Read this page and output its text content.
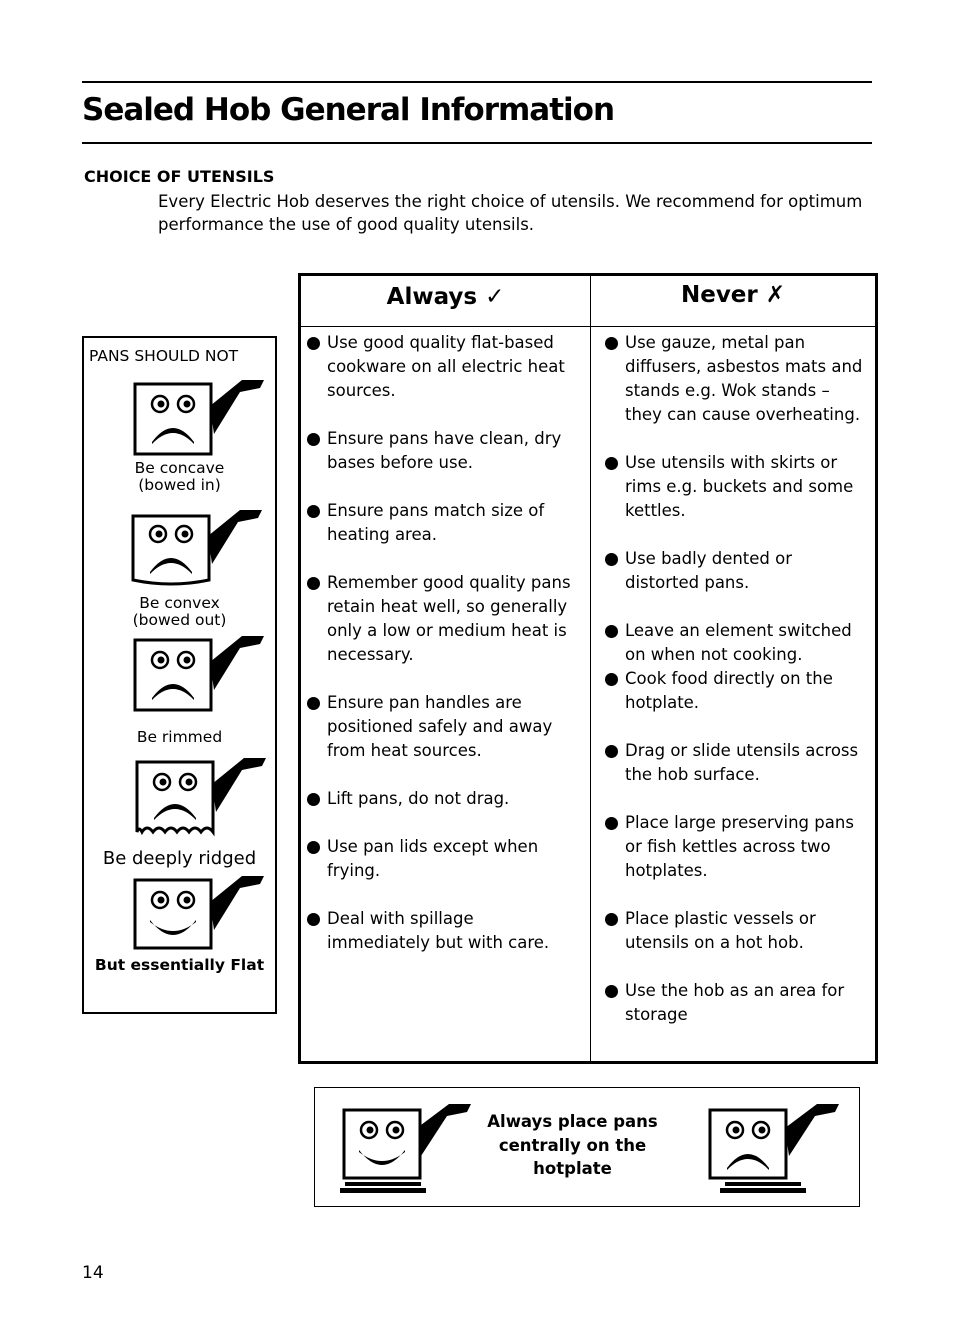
Sealed Hob General Information
CHOICE OF UTENSILS
Every Electric Hob deserves the right choice of utensils. We recommend for optimum performance the use of good quality utensils.
PANS SHOULD NOT
Be concave
(bowed in)
Be convex
(bowed out)
Be rimmed
Be deeply ridged
But essentially Flat
Always ✓	Never ✗
Use good quality flat-based cookware on all electric heat sources.
Ensure pans have clean, dry bases before use.
Ensure pans match size of heating area.
Remember good quality pans retain heat well, so generally only a low or medium heat is necessary.
Ensure pan handles are positioned safely and away from heat sources.
Lift pans, do not drag.
Use pan lids except when frying.
Deal with spillage immediately but with care.
Use gauze, metal pan diffusers, asbestos mats and stands e.g. Wok stands – they can cause overheating.
Use utensils with skirts or rims e.g. buckets and some kettles.
Use badly dented or distorted pans.
Leave an element switched on when not cooking.
Cook food directly on the hotplate.
Drag or slide utensils across the hob surface.
Place large preserving pans or fish kettles across two hotplates.
Place plastic vessels or utensils on a hot hob.
Use the hob as an area for storage
Always place pans centrally on the hotplate
14
